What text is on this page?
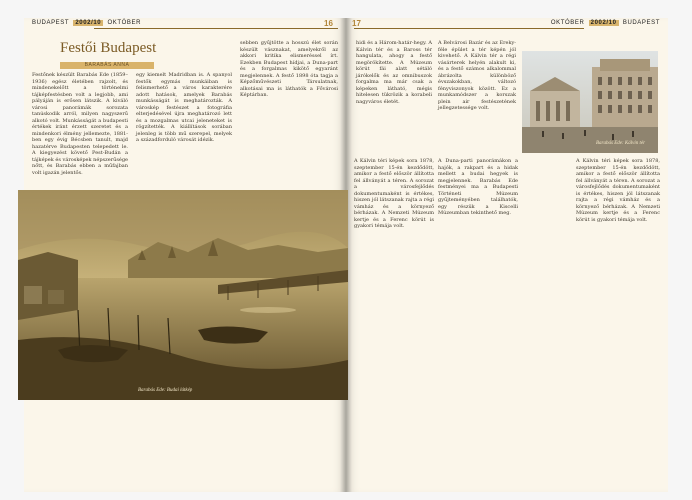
BUDAPEST 2002/10 OKTÓBER	16
Festői Budapest
BARABÁS ANNA

Festőnek készült Barabás Ede (1859–1936) egész életében rajzolt, és mindenekelőtt a történelmi tájképfestésben volt a legjobb, ami pályáján is erősen látszik. A kiváló városi panorámák sorozata tanúskodik arról, milyen nagyszerű alkotó volt. Munkásságát a budapesti értékek iránt érzett szeretet és a mindenkori élmény jellemezte, 1881-ben egy évig Bécsben tanult, majd hazatérve Budapesten telepedett le. A kiegyezést követő Pest-Budán a tájképek és városképek népszerűsége nőtt, és Barabás ebben a műfajban volt igazán jelentős.

egy kiemelt Madridban is. A spanyol festők egymás munkáiban is felismerhető a város karakterére adott hatások, amelyek Barabás munkásságát is meghatározták. A városkép festészet a fotográfia elterjedésével újra meghatározó lett és a mozgalmas utcai jeleneteket is rögzítették. A kiállítások sorában jelenleg is több mű szerepel, melyek a századforduló városát idézik.

sebben gyűjtötte a hosszú élet során készült vásznakat, amelyekről az akkori kritika elismeréssel írt. Ezekben Budapest hídjai, a Duna-part és a forgalmas kikötő egyaránt megjelennek. A festő 1898 óta tagja a Képzőművészeti Társulatnak, alkotásai ma is láthatók a Fővárosi Képtárban.

OKTÓBER 2002/10 BUDAPEST
17

hidi és a Három-határ-hegy. A Kálvin tér és a Baross tér hangulata, ahogy a festő megörökítette. A Múzeum körút fái alatt sétáló járókelők és az omnibuszok forgalma ma már csak a képeken látható, mégis hitelesen tükrözik a korabeli nagyváros életét.

A Belvárosi Bazár és az Ereky-féle épület a tér képén jól kivehető. A Kálvin tér a régi vásárterek helyén alakult ki, és a festő számos alkalommal ábrázolta különböző évszakokban, változó fényviszonyok között. Ez a munkamódszer a korszak plein air festészetének jellegzetessége volt.

Barabás Ede: Kálvin tér

A Kálvin téri képek sora 1878, szeptember 15-én kezdődött, amikor a festő először állította fel állványát a téren. A sorozat a városfejlődés dokumentumaként is értékes, hiszen jól látszanak rajta a régi vámház és a környező bérházak. A Nemzeti Múzeum kertje és a Ferenc körút is gyakori témája volt.

A Duna-parti panorámákon a hajók, a rakpart és a hidak mellett a budai hegyek is megjelennek. Barabás Ede festményei ma a Budapesti Történeti Múzeum gyűjteményében találhatók, egy részük a Kiscelli Múzeumban tekinthető meg.

A Kálvin téri képek sora 1878, szeptember 15-én kezdődött, amikor a festő először állította fel állványát a téren. A sorozat a városfejlődés dokumentumaként is értékes, hiszen jól látszanak rajta a régi vámház és a környező bérházak. A Nemzeti Múzeum kertje és a Ferenc körút is gyakori témája volt.

Barabás Ede: Budai látkép
